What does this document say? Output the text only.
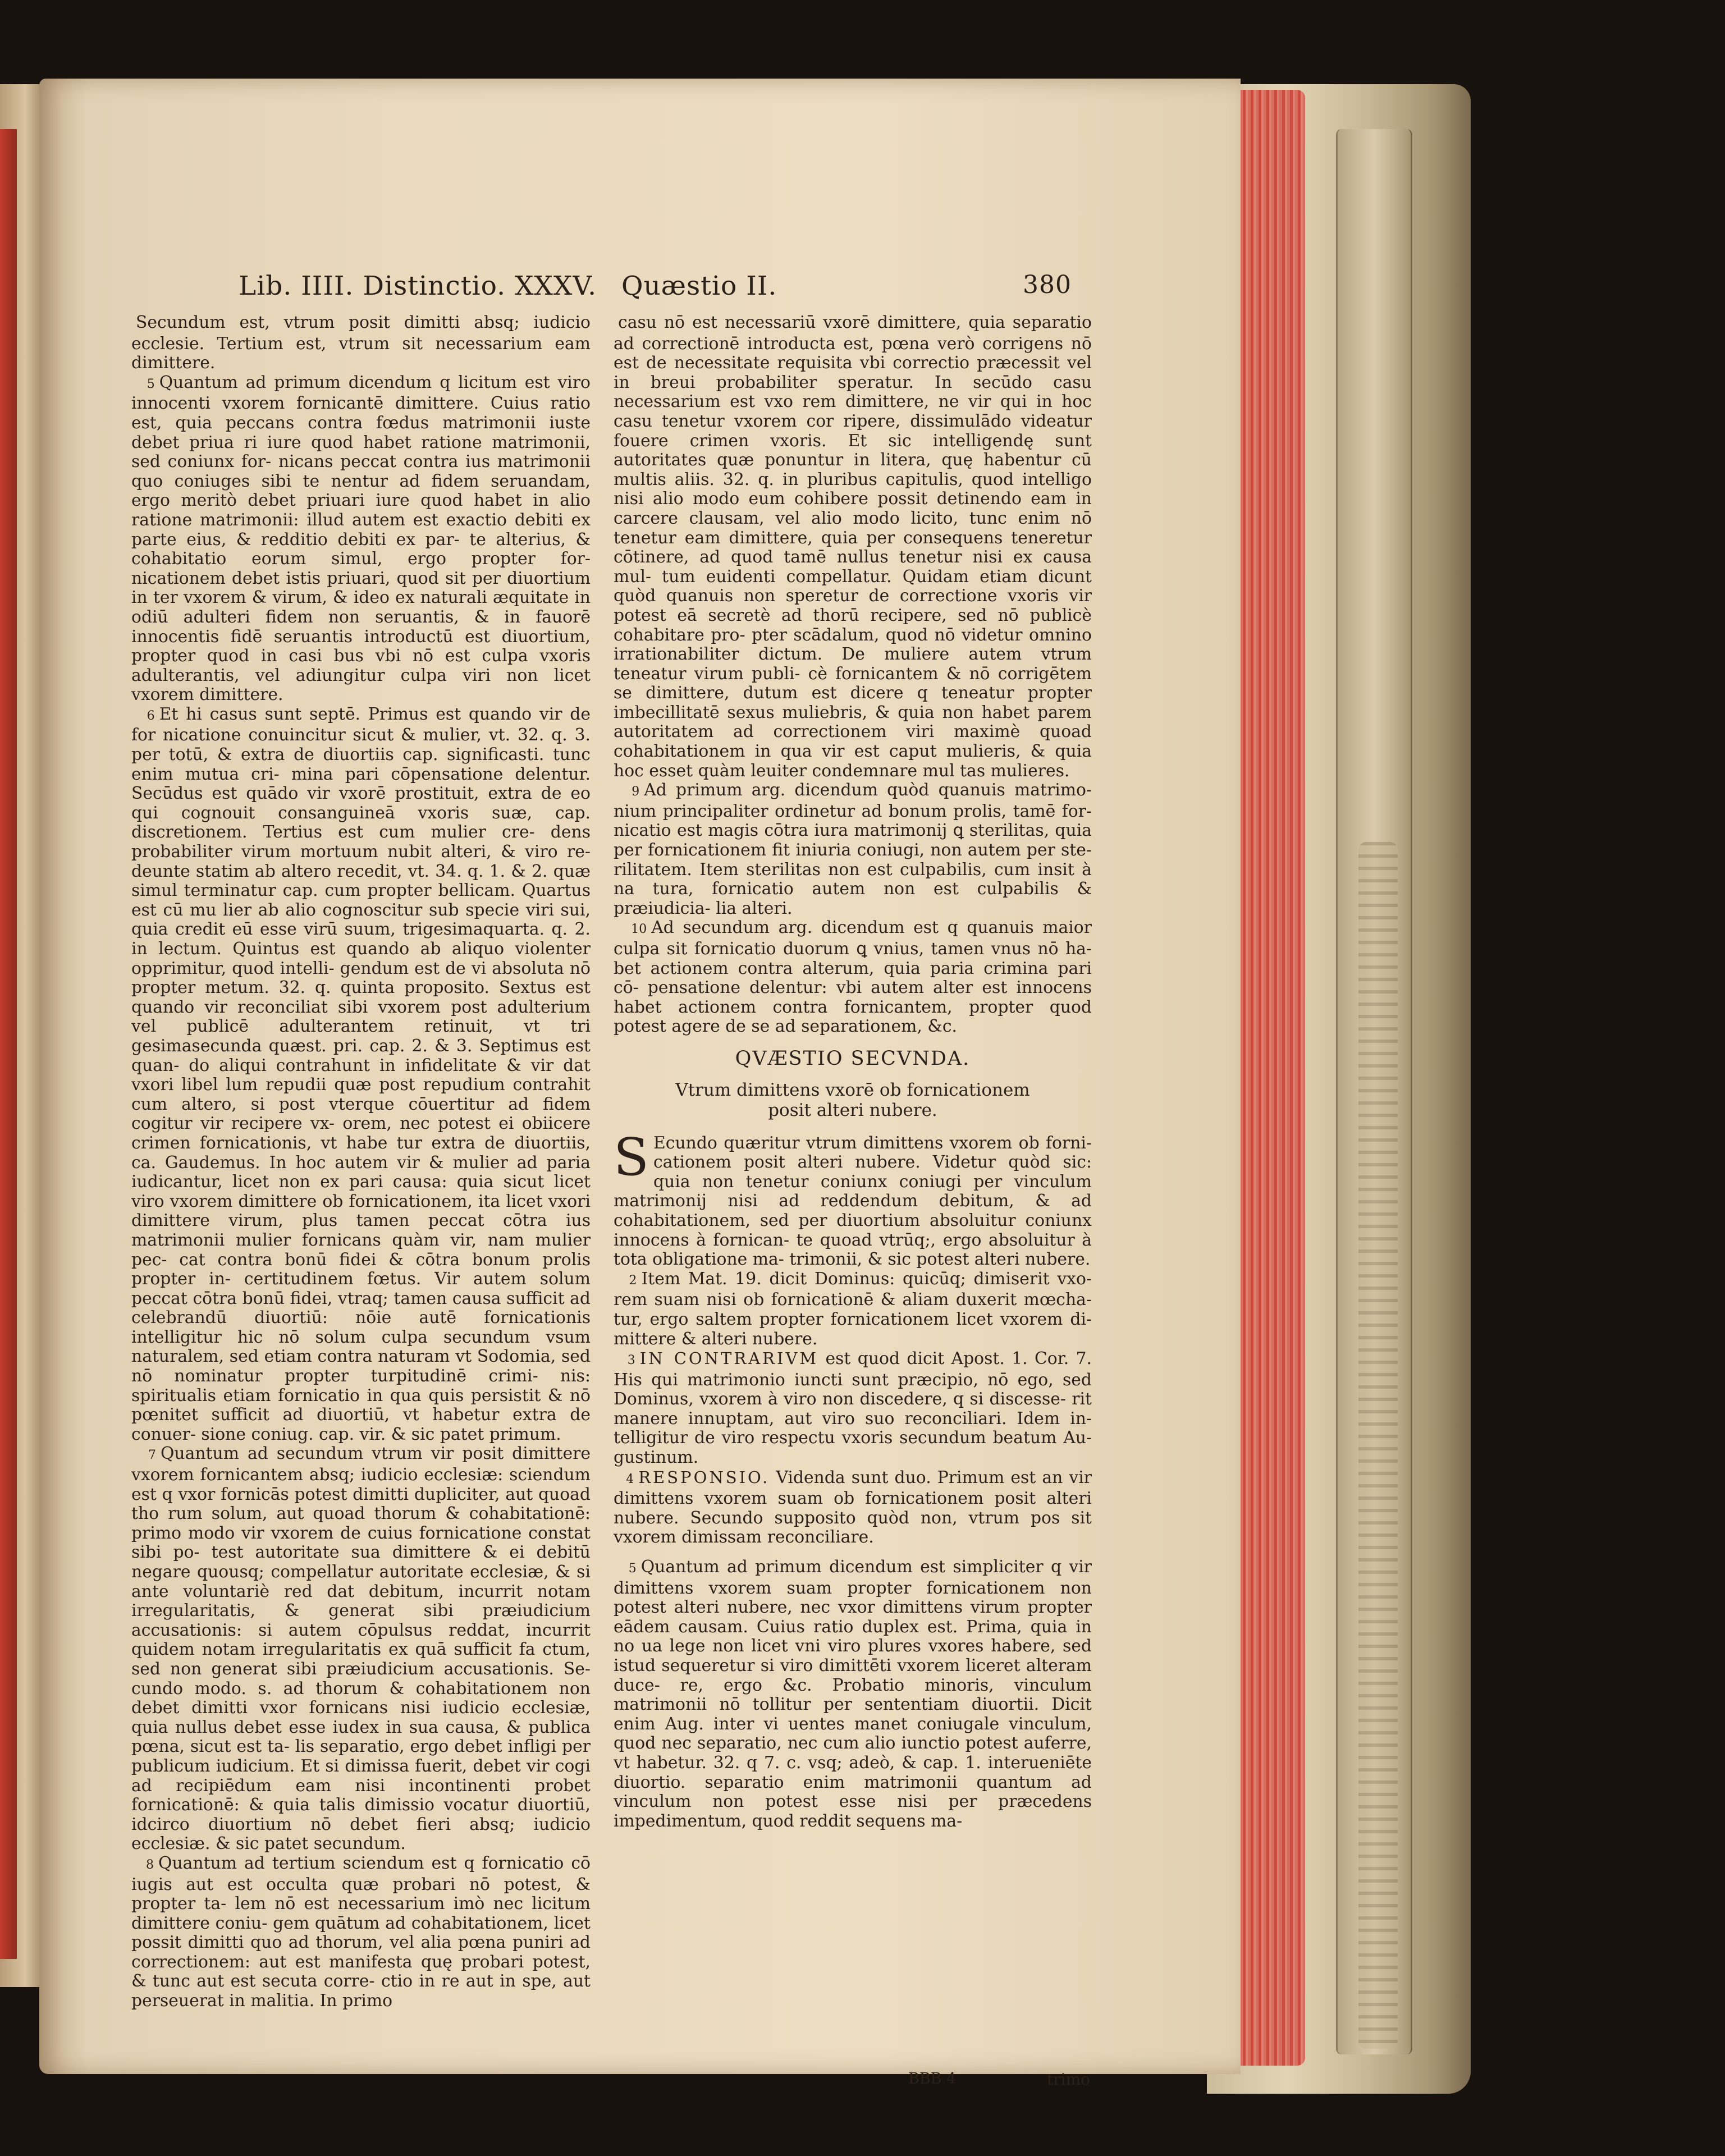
Lib. IIII. Distinctio. XXXV. Quæstio II.	380

Secundum est, vtrum posit dimitti absq; iudicio ecclesie. Tertium est, vtrum sit necessarium eam dimittere.

5 Quantum ad primum dicendum q licitum est viro innocenti vxorem fornicantē dimittere. Cuius ratio est, quia peccans contra fœdus matrimonii iuste debet priua ri iure quod habet ratione matrimonii, sed coniunx for- nicans peccat contra ius matrimonii quo coniuges sibi te nentur ad fidem seruandam, ergo meritò debet priuari iure quod habet in alio ratione matrimonii: illud autem est exactio debiti ex parte eius, & redditio debiti ex par- te alterius, & cohabitatio eorum simul, ergo propter for- nicationem debet istis priuari, quod sit per diuortium in ter vxorem & virum, & ideo ex naturali æquitate in odiū adulteri fidem non seruantis, & in fauorē innocentis fidē seruantis introductū est diuortium, propter quod in casi bus vbi nō est culpa vxoris adulterantis, vel adiungitur culpa viri non licet vxorem dimittere.

6 Et hi casus sunt septē. Primus est quando vir de for nicatione conuincitur sicut & mulier, vt. 32. q. 3. per totū, & extra de diuortiis cap. significasti. tunc enim mutua cri- mina pari cōpensatione delentur. Secūdus est quādo vir vxorē prostituit, extra de eo qui cognouit consanguineā vxoris suæ, cap. discretionem. Tertius est cum mulier cre- dens probabiliter virum mortuum nubit alteri, & viro re- deunte statim ab altero recedit, vt. 34. q. 1. & 2. quæ simul terminatur cap. cum propter bellicam. Quartus est cū mu lier ab alio cognoscitur sub specie viri sui, quia credit eū esse virū suum, trigesimaquarta. q. 2. in lectum. Quintus est quando ab aliquo violenter opprimitur, quod intelli- gendum est de vi absoluta nō propter metum. 32. q. quinta proposito. Sextus est quando vir reconciliat sibi vxorem post adulterium vel publicē adulterantem retinuit, vt tri gesimasecunda quæst. pri. cap. 2. & 3. Septimus est quan- do aliqui contrahunt in infidelitate & vir dat vxori libel lum repudii quæ post repudium contrahit cum altero, si post vterque cōuertitur ad fidem cogitur vir recipere vx- orem, nec potest ei obiicere crimen fornicationis, vt habe tur extra de diuortiis, ca. Gaudemus. In hoc autem vir & mulier ad paria iudicantur, licet non ex pari causa: quia sicut licet viro vxorem dimittere ob fornicationem, ita licet vxori dimittere virum, plus tamen peccat cōtra ius matrimonii mulier fornicans quàm vir, nam mulier pec- cat contra bonū fidei & cōtra bonum prolis propter in- certitudinem fœtus. Vir autem solum peccat cōtra bonū fidei, vtraq; tamen causa sufficit ad celebrandū diuortiū: nōie autē fornicationis intelligitur hic nō solum culpa secundum vsum naturalem, sed etiam contra naturam vt Sodomia, sed nō nominatur propter turpitudinē crimi- nis: spiritualis etiam fornicatio in qua quis persistit & nō pœnitet sufficit ad diuortiū, vt habetur extra de conuer- sione coniug. cap. vir. & sic patet primum.

7 Quantum ad secundum vtrum vir posit dimittere vxorem fornicantem absq; iudicio ecclesiæ: sciendum est q vxor fornicās potest dimitti dupliciter, aut quoad tho rum solum, aut quoad thorum & cohabitationē: primo modo vir vxorem de cuius fornicatione constat sibi po- test autoritate sua dimittere & ei debitū negare quousq; compellatur autoritate ecclesiæ, & si ante voluntariè red dat debitum, incurrit notam irregularitatis, & generat sibi præiudicium accusationis: si autem cōpulsus reddat, incurrit quidem notam irregularitatis ex quā sufficit fa ctum, sed non generat sibi præiudicium accusationis. Se- cundo modo. s. ad thorum & cohabitationem non debet dimitti vxor fornicans nisi iudicio ecclesiæ, quia nullus debet esse iudex in sua causa, & publica pœna, sicut est ta- lis separatio, ergo debet infligi per publicum iudicium. Et si dimissa fuerit, debet vir cogi ad recipiēdum eam nisi incontinenti probet fornicationē: & quia talis dimissio vocatur diuortiū, idcirco diuortium nō debet fieri absq; iudicio ecclesiæ. & sic patet secundum.

8 Quantum ad tertium sciendum est q fornicatio cō iugis aut est occulta quæ probari nō potest, & propter ta- lem nō est necessarium imò nec licitum dimittere coniu- gem quātum ad cohabitationem, licet possit dimitti quo ad thorum, vel alia pœna puniri ad correctionem: aut est manifesta quę probari potest, & tunc aut est secuta corre- ctio in re aut in spe, aut perseuerat in malitia. In primo

casu nō est necessariū vxorē dimittere, quia separatio ad correctionē introducta est, pœna verò corrigens nō est de necessitate requisita vbi correctio præcessit vel in breui probabiliter speratur. In secūdo casu necessarium est vxo rem dimittere, ne vir qui in hoc casu tenetur vxorem cor ripere, dissimulādo videatur fouere crimen vxoris. Et sic intelligendę sunt autoritates quæ ponuntur in litera, quę habentur cū multis aliis. 32. q. in pluribus capitulis, quod intelligo nisi alio modo eum cohibere possit detinendo eam in carcere clausam, vel alio modo licito, tunc enim nō tenetur eam dimittere, quia per consequens teneretur cōtinere, ad quod tamē nullus tenetur nisi ex causa mul- tum euidenti compellatur. Quidam etiam dicunt quòd quanuis non speretur de correctione vxoris vir potest eā secretè ad thorū recipere, sed nō publicè cohabitare pro- pter scādalum, quod nō videtur omnino irrationabiliter dictum. De muliere autem vtrum teneatur virum publi- cè fornicantem & nō corrigētem se dimittere, dutum est dicere q teneatur propter imbecillitatē sexus muliebris, & quia non habet parem autoritatem ad correctionem viri maximè quoad cohabitationem in qua vir est caput mulieris, & quia hoc esset quàm leuiter condemnare mul tas mulieres.

9 Ad primum arg. dicendum quòd quanuis matrimo- nium principaliter ordinetur ad bonum prolis, tamē for- nicatio est magis cōtra iura matrimonij ꝗ sterilitas, quia per fornicationem fit iniuria coniugi, non autem per ste- rilitatem. Item sterilitas non est culpabilis, cum insit à na tura, fornicatio autem non est culpabilis & præiudicia- lia alteri.

10 Ad secundum arg. dicendum est q quanuis maior culpa sit fornicatio duorum ꝗ vnius, tamen vnus nō ha- bet actionem contra alterum, quia paria crimina pari cō- pensatione delentur: vbi autem alter est innocens habet actionem contra fornicantem, propter quod potest agere de se ad separationem, &c.

QVÆSTIO SECVNDA.
Vtrum dimittens vxorē ob fornicationem
posit alteri nubere.

S Ecundo quæritur vtrum dimittens vxorem ob forni- cationem posit alteri nubere. Videtur quòd sic: quia non tenetur coniunx coniugi per vinculum matrimonij nisi ad reddendum debitum, & ad cohabitationem, sed per diuortium absoluitur coniunx innocens à fornican- te quoad vtrūq;, ergo absoluitur à tota obligatione ma- trimonii, & sic potest alteri nubere.

2 Item Mat. 19. dicit Dominus: quicūq; dimiserit vxo- rem suam nisi ob fornicationē & aliam duxerit mœcha- tur, ergo saltem propter fornicationem licet vxorem di- mittere & alteri nubere.

3 IN CONTRARIVM est quod dicit Apost. 1. Cor. 7. His qui matrimonio iuncti sunt præcipio, nō ego, sed Dominus, vxorem à viro non discedere, q si discesse- rit manere innuptam, aut viro suo reconciliari. Idem in- telligitur de viro respectu vxoris secundum beatum Au- gustinum.

4 RESPONSIO. Videnda sunt duo. Primum est an vir dimittens vxorem suam ob fornicationem posit alteri nubere. Secundo supposito quòd non, vtrum pos sit vxorem dimissam reconciliare.

5 Quantum ad primum dicendum est simpliciter q vir dimittens vxorem suam propter fornicationem non potest alteri nubere, nec vxor dimittens virum propter eādem causam. Cuius ratio duplex est. Prima, quia in no ua lege non licet vni viro plures vxores habere, sed istud sequeretur si viro dimittēti vxorem liceret alteram duce- re, ergo &c. Probatio minoris, vinculum matrimonii nō tollitur per sententiam diuortii. Dicit enim Aug. inter vi uentes manet coniugale vinculum, quod nec separatio, nec cum alio iunctio potest auferre, vt habetur. 32. q 7. c. vsq; adeò, & cap. 1. interueniēte diuortio. separatio enim matrimonii quantum ad vinculum non potest esse nisi per præcedens impedimentum, quod reddit sequens ma-

BBB 4	trimo
